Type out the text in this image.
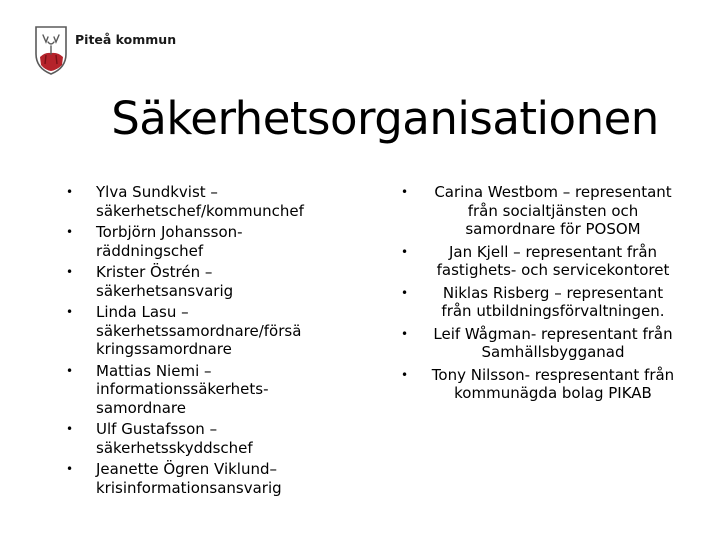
Piteå kommun
Säkerhetsorganisationen
• Ylva Sundkvist – säkerhetschef/kommunchef
• Torbjörn Johansson- räddningschef
• Krister Östrén – säkerhetsansvarig
• Linda Lasu – säkerhetssamordnare/försä kringssamordnare
• Mattias Niemi – informationssäkerhets- samordnare
• Ulf Gustafsson – säkerhetsskyddschef
• Jeanette Ögren Viklund– krisinformationsansvarig
• Carina Westbom – representant från socialtjänsten och samordnare för POSOM
•	Jan Kjell – representant från fastighets- och servicekontoret
• Niklas Risberg – representant från utbildningsförvaltningen.
• Leif Wågman- representant från Samhällsbygganad
• Tony Nilsson- respresentant från kommunägda bolag PIKAB
